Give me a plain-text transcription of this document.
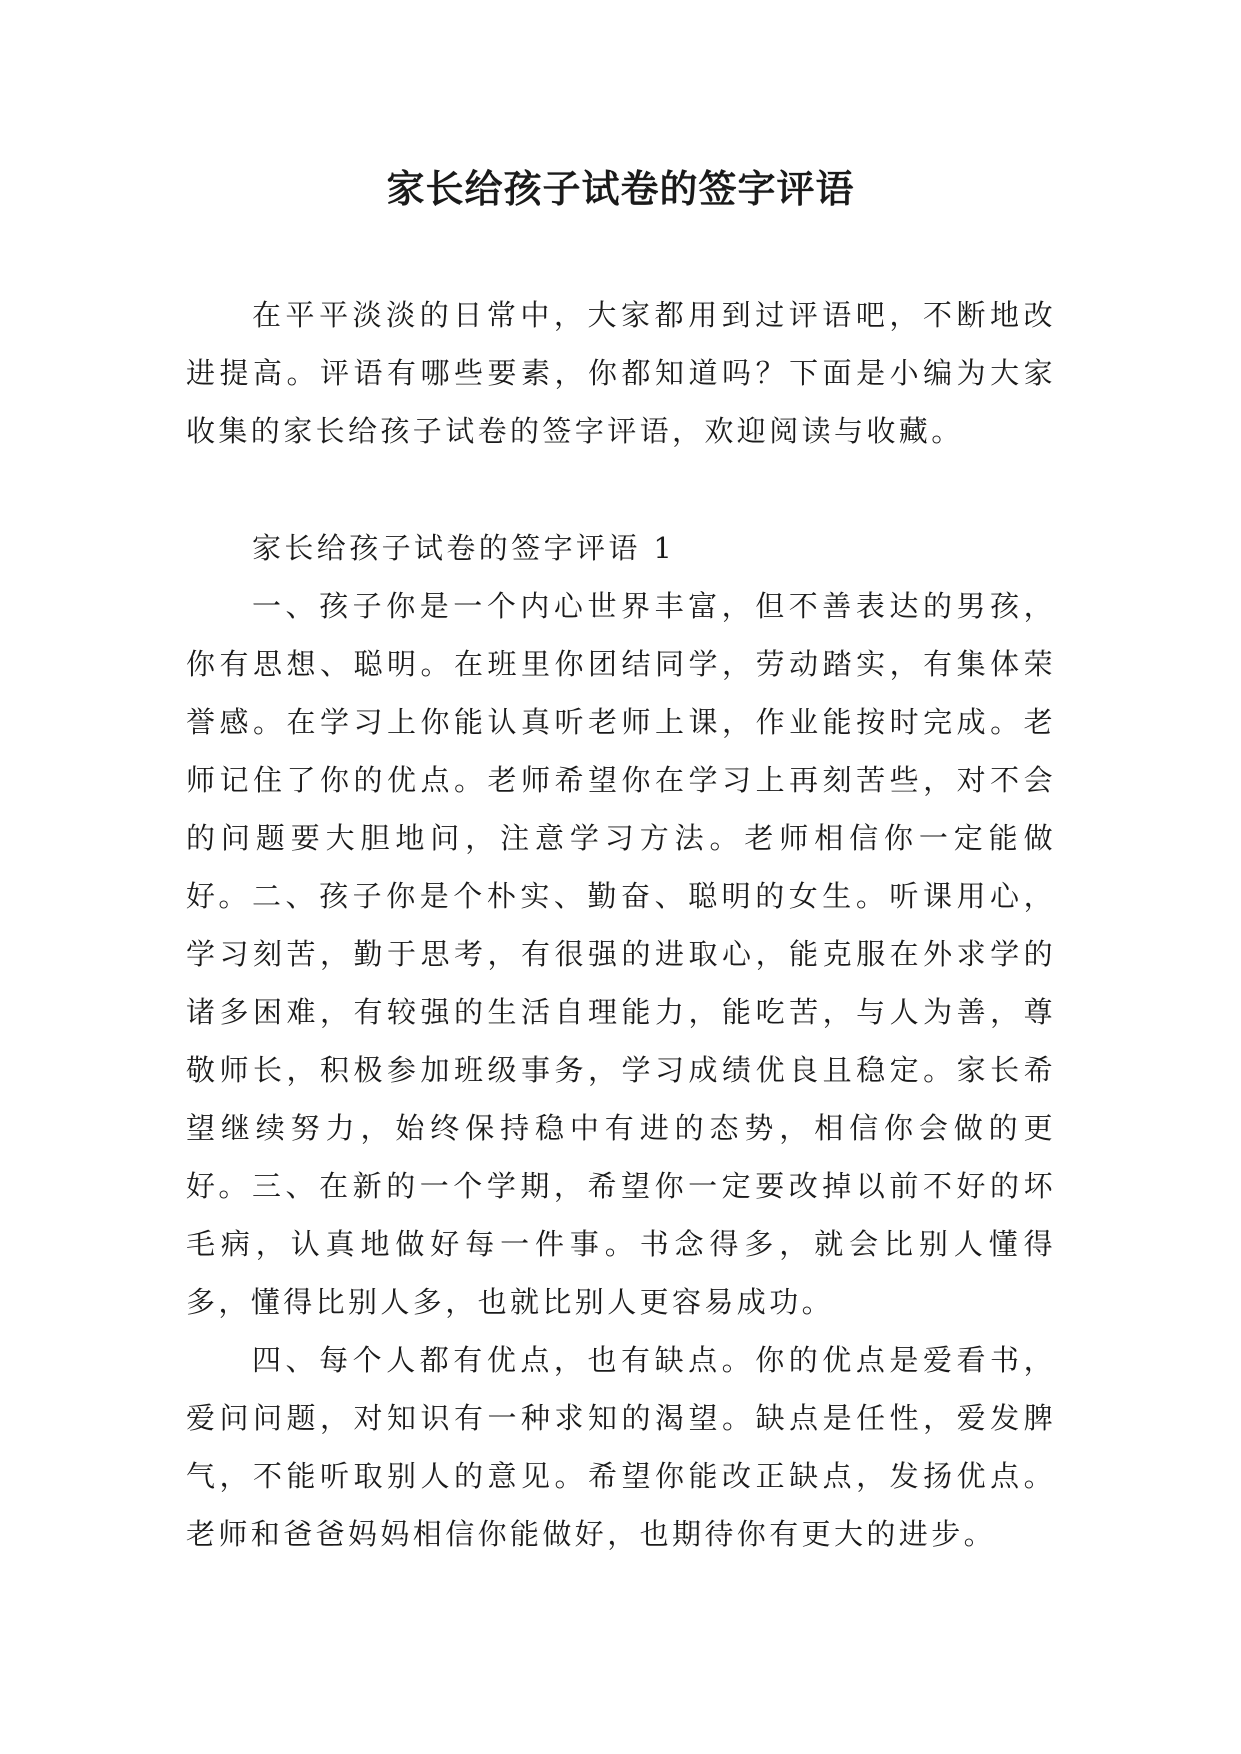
家长给孩子试卷的签字评语

在平平淡淡的日常中，大家都用到过评语吧，不断地改进提高。评语有哪些要素，你都知道吗？下面是小编为大家收集的家长给孩子试卷的签字评语，欢迎阅读与收藏。

家长给孩子试卷的签字评语 1

一、孩子你是一个内心世界丰富，但不善表达的男孩，你有思想、聪明。在班里你团结同学，劳动踏实，有集体荣誉感。在学习上你能认真听老师上课，作业能按时完成。老师记住了你的优点。老师希望你在学习上再刻苦些，对不会的问题要大胆地问，注意学习方法。老师相信你一定能做好。 二、孩子你是个朴实、勤奋、聪明的女生。听课用心，学习刻苦，勤于思考，有很强的进取心，能克服在外求学的诸多困难，有较强的生活自理能力，能吃苦，与人为善，尊敬师长，积极参加班级事务，学习成绩优良且稳定。家长希望继续努力，始终保持稳中有进的态势，相信你会做的更好。 三、在新的一个学期，希望你一定要改掉以前不好的坏毛病，认真地做好每一件事。书念得多，就会比别人懂得多，懂得比别人多，也就比别人更容易成功。

四、每个人都有优点，也有缺点。你的优点是爱看书，爱问问题，对知识有一种求知的渴望。缺点是任性，爱发脾气，不能听取别人的意见。希望你能改正缺点，发扬优点。老师和爸爸妈妈相信你能做好，也期待你有更大的进步。
